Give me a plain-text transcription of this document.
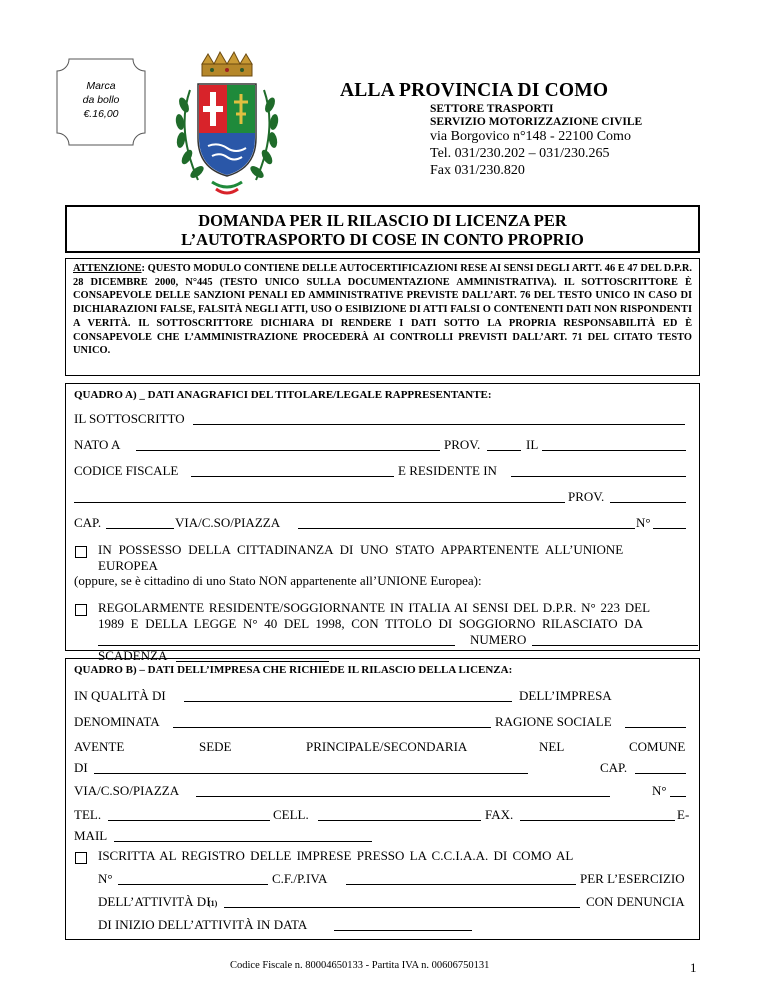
Marca
da bollo
€.16,00
ALLA PROVINCIA DI COMO
SETTORE TRASPORTI
SERVIZIO MOTORIZZAZIONE CIVILE
via Borgovico n°148 - 22100 Como
Tel. 031/230.202 – 031/230.265
Fax 031/230.820
DOMANDA PER IL RILASCIO DI LICENZA PER
L’AUTOTRASPORTO DI COSE IN CONTO PROPRIO
ATTENZIONE: QUESTO MODULO CONTIENE DELLE AUTOCERTIFICAZIONI RESE AI SENSI DEGLI ARTT. 46 E 47 DEL D.P.R. 28 DICEMBRE 2000, N°445 (TESTO UNICO SULLA DOCUMENTAZIONE AMMINISTRATIVA). IL SOTTOSCRITTORE È CONSAPEVOLE DELLE SANZIONI PENALI ED AMMINISTRATIVE PREVISTE DALL’ART. 76 DEL TESTO UNICO IN CASO DI DICHIARAZIONI FALSE, FALSITÀ NEGLI ATTI, USO O ESIBIZIONE DI ATTI FALSI O CONTENENTI DATI NON RISPONDENTI A VERITÀ. IL SOTTOSCRITTORE DICHIARA DI RENDERE I DATI SOTTO LA PROPRIA RESPONSABILITÀ ED È CONSAPEVOLE CHE L’AMMINISTRAZIONE PROCEDERÀ AI CONTROLLI PREVISTI DALL’ART. 71 DEL CITATO TESTO UNICO.
QUADRO A) _ DATI ANAGRAFICI DEL TITOLARE/LEGALE RAPPRESENTANTE:
IL SOTTOSCRITTO
NATO A	PROV.	IL
CODICE FISCALE	E RESIDENTE IN
PROV.
CAP.	VIA/C.SO/PIAZZA	N°
IN POSSESSO DELLA CITTADINANZA DI UNO STATO APPARTENENTE ALL’UNIONE
EUROPEA
(oppure, se è cittadino di uno Stato NON appartenente all’UNIONE Europea):
REGOLARMENTE RESIDENTE/SOGGIORNANTE IN ITALIA AI SENSI DEL D.P.R. N° 223 DEL
1989 E DELLA LEGGE N° 40 DEL 1998, CON TITOLO DI SOGGIORNO RILASCIATO DA
NUMERO
SCADENZA
QUADRO B) – DATI DELL’IMPRESA CHE RICHIEDE IL RILASCIO DELLA LICENZA:
IN QUALITÀ DI	DELL’IMPRESA
DENOMINATA	RAGIONE SOCIALE
AVENTE	SEDE	PRINCIPALE/SECONDARIA	NEL	COMUNE
DI	CAP.
VIA/C.SO/PIAZZA	N°
TEL.	CELL.	FAX.	E-
MAIL
ISCRITTA AL REGISTRO DELLE IMPRESE PRESSO LA C.C.I.A.A. DI COMO AL
N°	C.F./P.IVA	PER L’ESERCIZIO
DELL’ATTIVITÀ DI
(1)	CON DENUNCIA
DI INIZIO DELL’ATTIVITÀ IN DATA
Codice Fiscale n. 80004650133 - Partita IVA n. 00606750131	1
